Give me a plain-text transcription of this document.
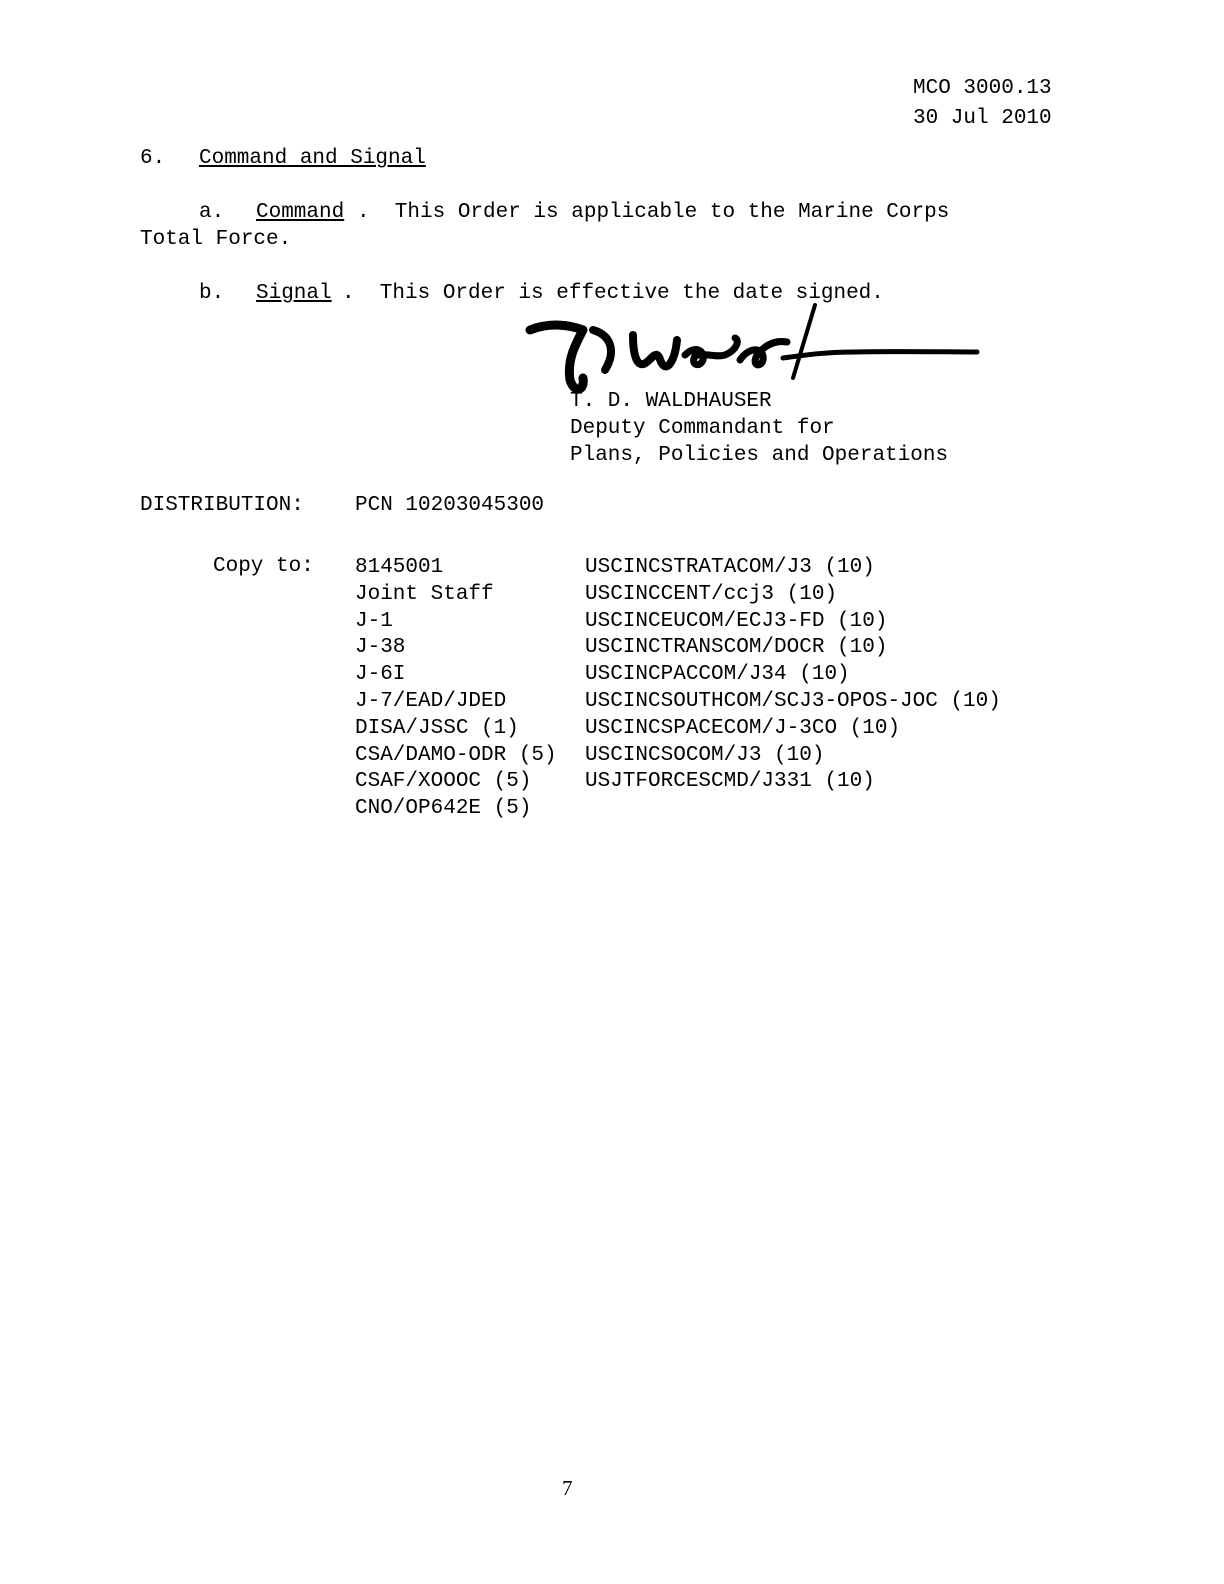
MCO 3000.13
30 Jul 2010
6. Command and Signal
a. Command .  This Order is applicable to the Marine Corps
Total Force.
b. Signal .  This Order is effective the date signed.
T. D. WALDHAUSER
Deputy Commandant for
Plans, Policies and Operations
DISTRIBUTION: PCN 10203045300
Copy to: 8145001
Joint Staff
J-1
J-38
J-6I
J-7/EAD/JDED
DISA/JSSC (1)
CSA/DAMO-ODR (5)
CSAF/XOOOC (5)
CNO/OP642E (5)
USCINCSTRATACOM/J3 (10)
USCINCCENT/ccj3 (10)
USCINCEUCOM/ECJ3-FD (10)
USCINCTRANSCOM/DOCR (10)
USCINCPACCOM/J34 (10)
USCINCSOUTHCOM/SCJ3-OPOS-JOC (10)
USCINCSPACECOM/J-3CO (10)
USCINCSOCOM/J3 (10)
USJTFORCESCMD/J331 (10)
7
